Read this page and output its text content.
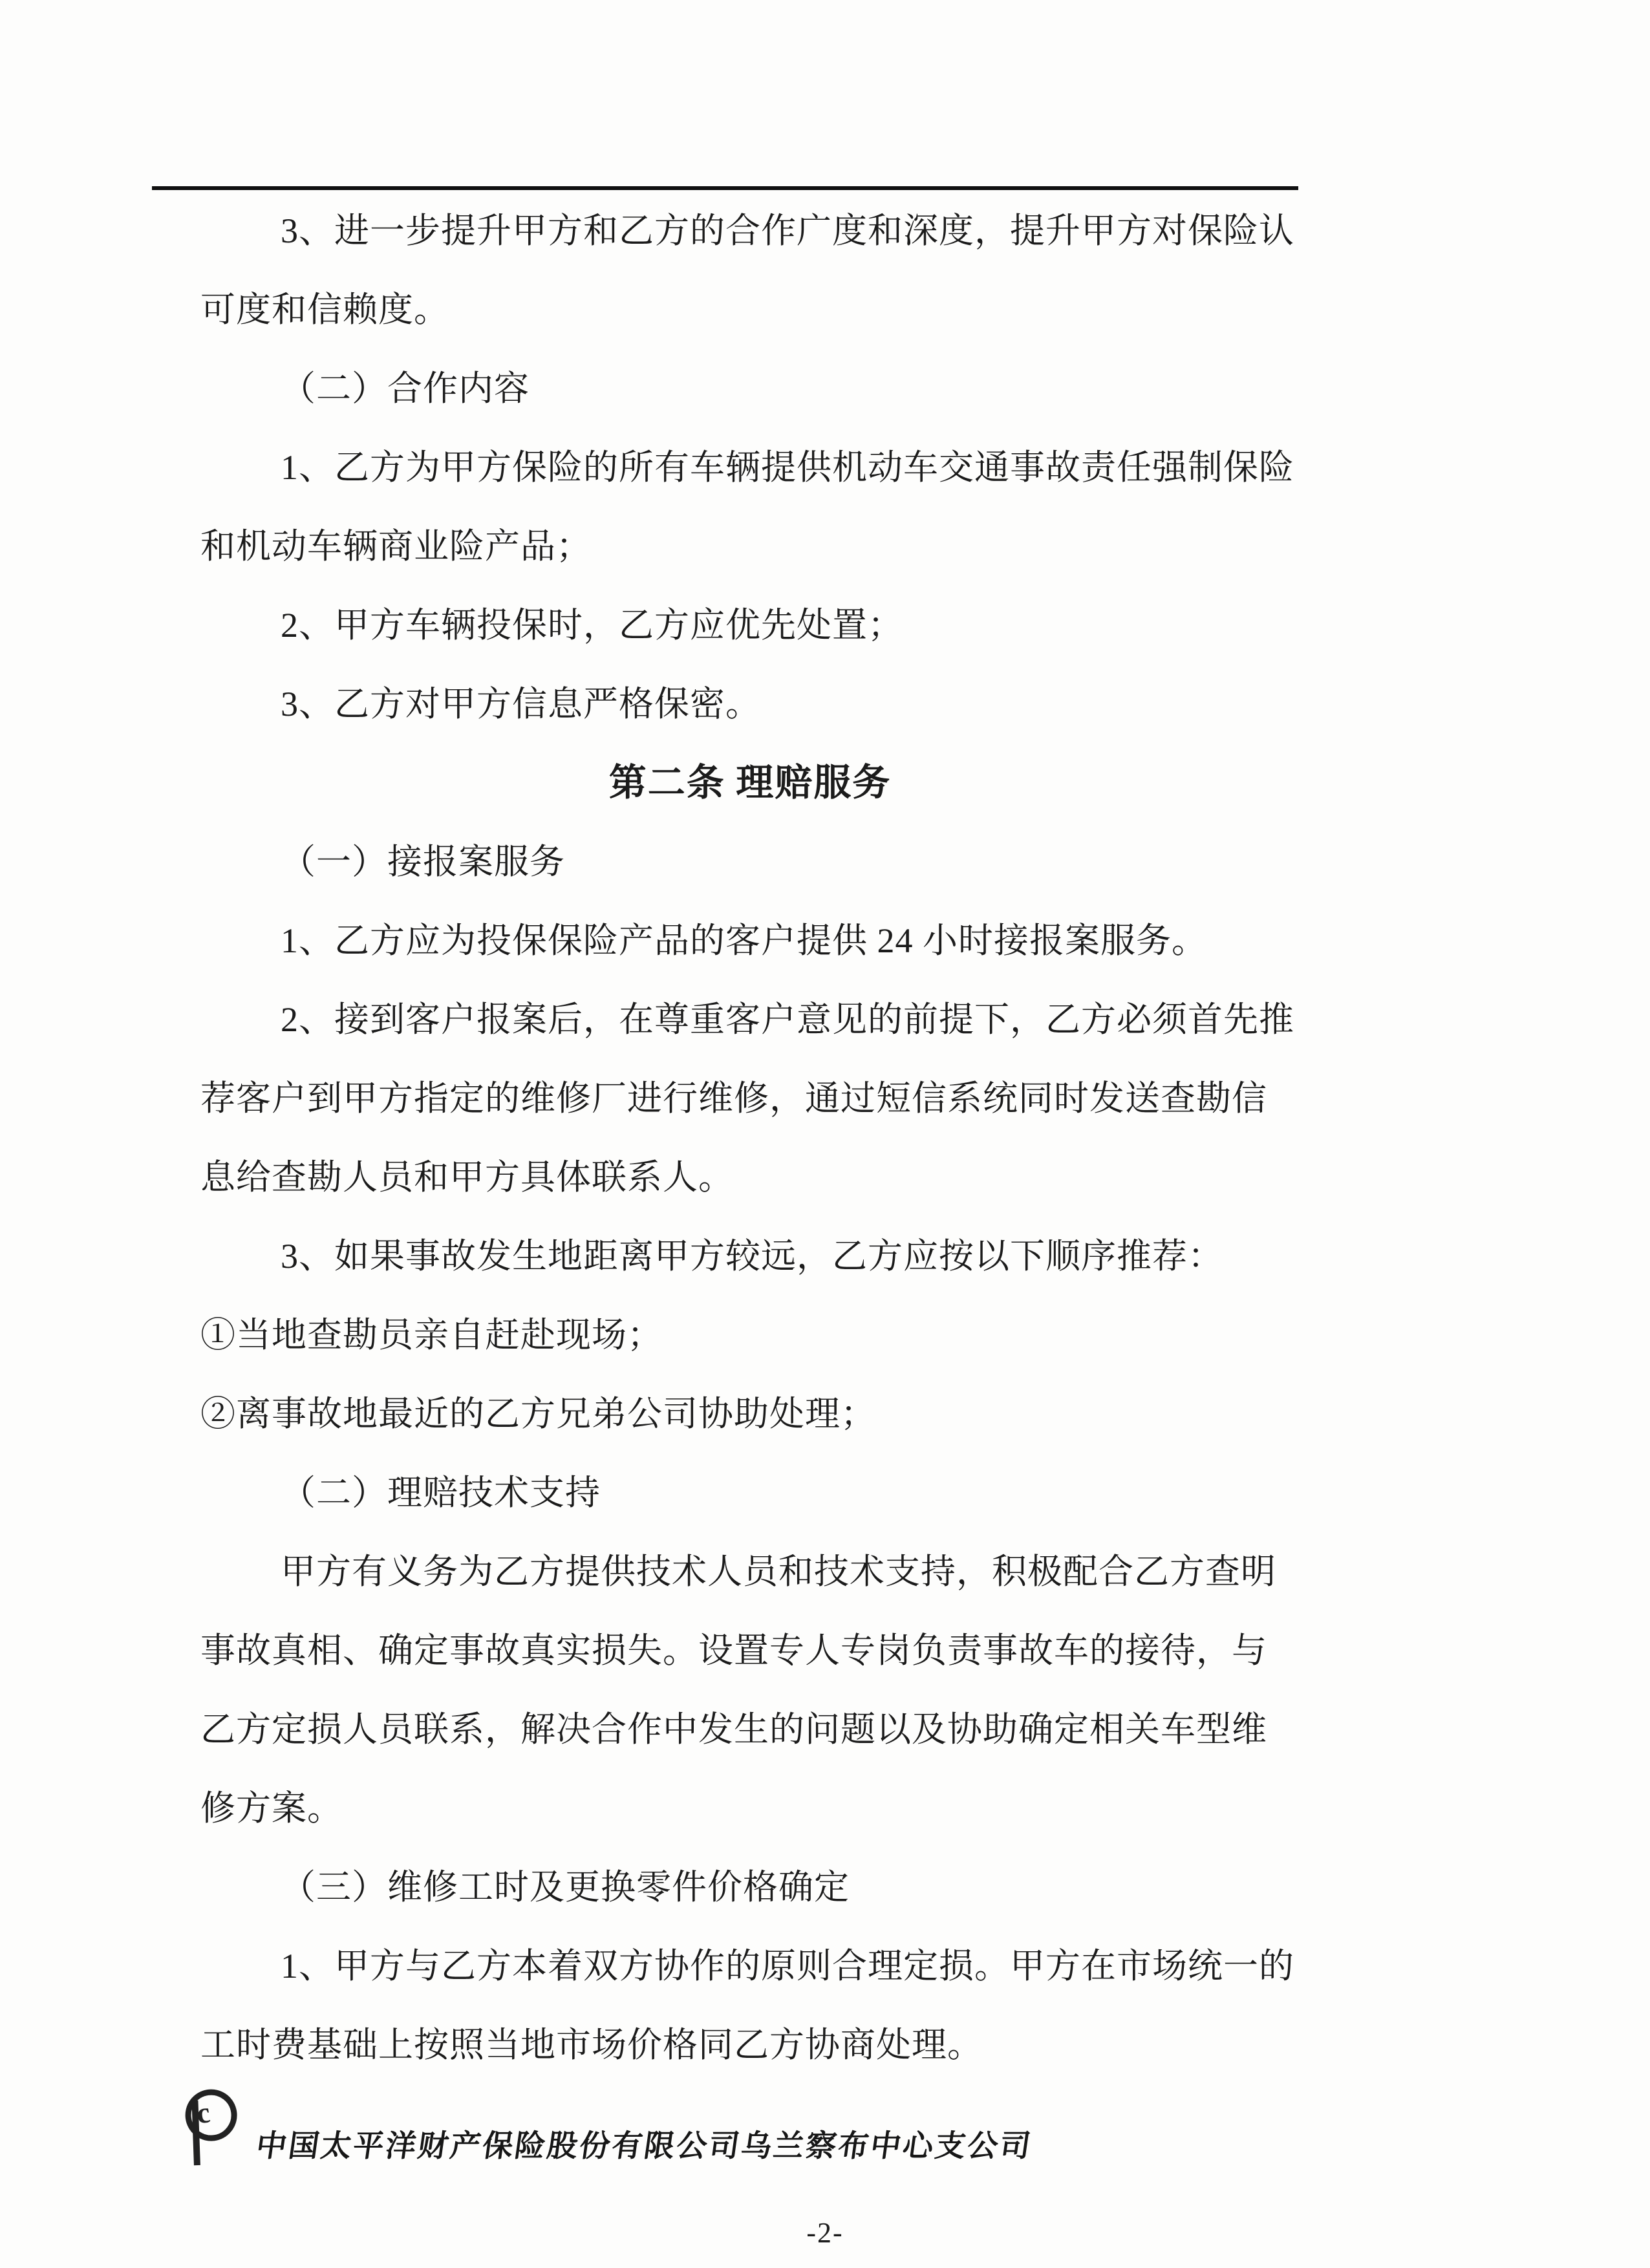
3、进一步提升甲方和乙方的合作广度和深度，提升甲方对保险认

可度和信赖度。

（二）合作内容

1、乙方为甲方保险的所有车辆提供机动车交通事故责任强制保险

和机动车辆商业险产品；

2、甲方车辆投保时，乙方应优先处置；

3、乙方对甲方信息严格保密。

第二条 理赔服务

（一）接报案服务

1、乙方应为投保保险产品的客户提供 24 小时接报案服务。

2、接到客户报案后，在尊重客户意见的前提下，乙方必须首先推

荐客户到甲方指定的维修厂进行维修，通过短信系统同时发送查勘信

息给查勘人员和甲方具体联系人。

3、如果事故发生地距离甲方较远，乙方应按以下顺序推荐：

①当地查勘员亲自赶赴现场；

②离事故地最近的乙方兄弟公司协助处理；

（二）理赔技术支持

甲方有义务为乙方提供技术人员和技术支持，积极配合乙方查明

事故真相、确定事故真实损失。设置专人专岗负责事故车的接待，与

乙方定损人员联系，解决合作中发生的问题以及协助确定相关车型维

修方案。

（三）维修工时及更换零件价格确定

1、甲方与乙方本着双方协作的原则合理定损。甲方在市场统一的

工时费基础上按照当地市场价格同乙方协商处理。

c
中国太平洋财产保险股份有限公司乌兰察布中心支公司
-2-
